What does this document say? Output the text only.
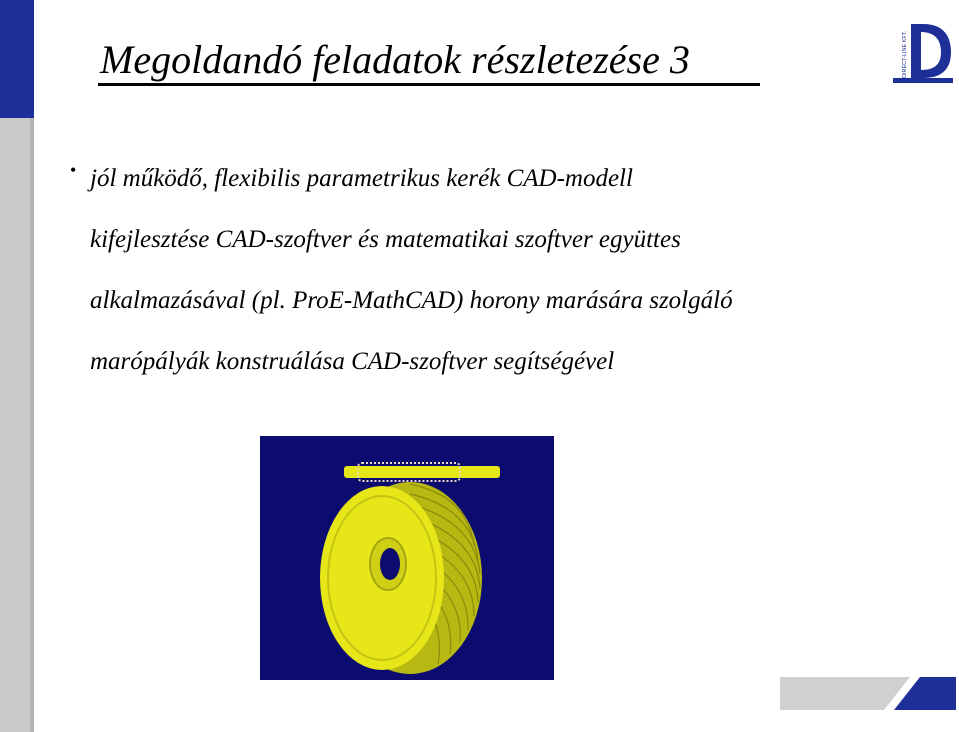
Megoldandó feladatok részletezése 3	DIRECT-LINE KFT.
• jól működő, flexibilis parametrikus kerék CAD-modell
kifejlesztése CAD-szoftver és matematikai szoftver együttes
alkalmazásával (pl. ProE-MathCAD) horony marására szolgáló
marópályák konstruálása CAD-szoftver segítségével
